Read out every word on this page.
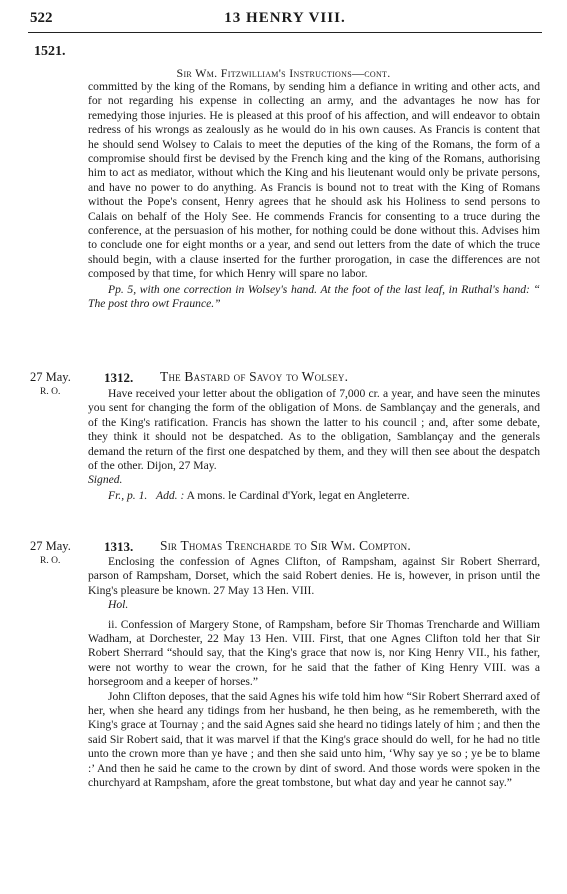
522	13 HENRY VIII.
1521.
Sir Wm. Fitzwilliam's Instructions—cont.

committed by the king of the Romans, by sending him a defiance in writing and other acts, and for not regarding his expense in collecting an army, and the advantages he now has for remedying those injuries. He is pleased at this proof of his affection, and will endeavor to obtain redress of his wrongs as zealously as he would do in his own causes. As Francis is content that he should send Wolsey to Calais to meet the deputies of the king of the Romans, the form of a compromise should first be devised by the French king and the king of the Romans, authorising him to act as mediator, without which the King and his lieutenant would only be private persons, and have no power to do anything. As Francis is bound not to treat with the King of Romans without the Pope's consent, Henry agrees that he should ask his Holiness to send persons to Calais on behalf of the Holy See. He commends Francis for consenting to a truce during the conference, at the persuasion of his mother, for nothing could be done without this. Advises him to conclude one for eight months or a year, and send out letters from the date of which the truce should begin, with a clause inserted for the further prorogation, in case the differences are not composed by that time, for which Henry will spare no labor.

Pp. 5, with one correction in Wolsey's hand. At the foot of the last leaf, in Ruthal's hand: “ The post thro owt Fraunce.”

27 May.
R. O.
1312. The Bastard of Savoy to Wolsey.

Have received your letter about the obligation of 7,000 cr. a year, and have seen the minutes you sent for changing the form of the obligation of Mons. de Samblançay and the generals, and of the King's ratification. Francis has shown the latter to his council ; and, after some debate, they think it should not be despatched. As to the obligation, Samblançay and the generals demand the return of the first one despatched by them, and they will then see about the despatch of the other. Dijon, 27 May.

Signed.

Fr., p. 1. Add. : A mons. le Cardinal d'York, legat en Angleterre.

27 May.
R. O.
1313. Sir Thomas Trencharde to Sir Wm. Compton.

Enclosing the confession of Agnes Clifton, of Rampsham, against Sir Robert Sherrard, parson of Rampsham, Dorset, which the said Robert denies. He is, however, in prison until the King's pleasure be known. 27 May 13 Hen. VIII.

Hol.

ii. Confession of Margery Stone, of Rampsham, before Sir Thomas Trencharde and William Wadham, at Dorchester, 22 May 13 Hen. VIII. First, that one Agnes Clifton told her that Sir Robert Sherrard “should say, that the King's grace that now is, nor King Henry VII., his father, were not worthy to wear the crown, for he said that the father of King Henry VIII. was a horsegroom and a keeper of horses.”

John Clifton deposes, that the said Agnes his wife told him how “Sir Robert Sherrard axed of her, when she heard any tidings from her husband, he then being, as he remembereth, with the King's grace at Tournay ; and the said Agnes said she heard no tidings lately of him ; and then the said Sir Robert said, that it was marvel if that the King's grace should do well, for he had no title unto the crown more than ye have ; and then she said unto him, ‘Why say ye so ; ye be to blame :’ And then he said he came to the crown by dint of sword. And those words were spoken in the churchyard at Rampsham, afore the great tombstone, but what day and year he cannot say.”
